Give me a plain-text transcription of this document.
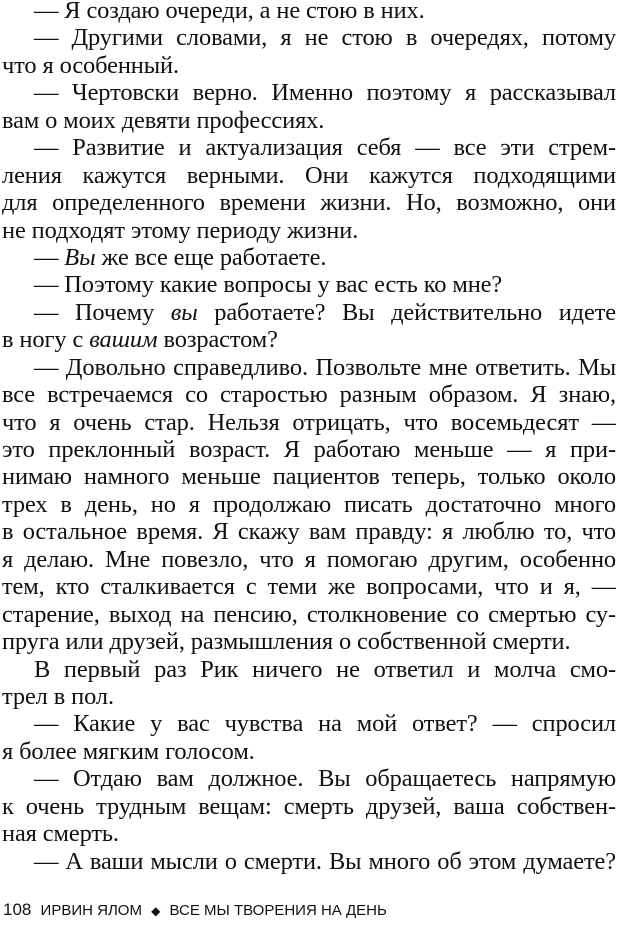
— Я создаю очереди, а не стою в них.
— Другими словами, я не стою в очередях, потому
что я особенный.
— Чертовски верно. Именно поэтому я рассказывал
вам о моих девяти профессиях.
— Развитие и актуализация себя — все эти стрем-
ления кажутся верными. Они кажутся подходящими
для определенного времени жизни. Но, возможно, они
не подходят этому периоду жизни.
— Вы же все еще работаете.
— Поэтому какие вопросы у вас есть ко мне?
— Почему вы работаете? Вы действительно идете
в ногу с вашим возрастом?
— Довольно справедливо. Позвольте мне ответить. Мы
все встречаемся со старостью разным образом. Я знаю,
что я очень стар. Нельзя отрицать, что восемьдесят —
это преклонный возраст. Я работаю меньше — я при-
нимаю намного меньше пациентов теперь, только около
трех в день, но я продолжаю писать достаточно много
в остальное время. Я скажу вам правду: я люблю то, что
я делаю. Мне повезло, что я помогаю другим, особенно
тем, кто сталкивается с теми же вопросами, что и я, —
старение, выход на пенсию, столкновение со смертью су-
пруга или друзей, размышления о собственной смерти.
В первый раз Рик ничего не ответил и молча смо-
трел в пол.
— Какие у вас чувства на мой ответ? — спросил
я более мягким голосом.
— Отдаю вам должное. Вы обращаетесь напрямую
к очень трудным вещам: смерть друзей, ваша собствен-
ная смерть.
— А ваши мысли о смерти. Вы много об этом думаете?
108 ИРВИН ЯЛОМ ◆ ВСЕ МЫ ТВОРЕНИЯ НА ДЕНЬ
